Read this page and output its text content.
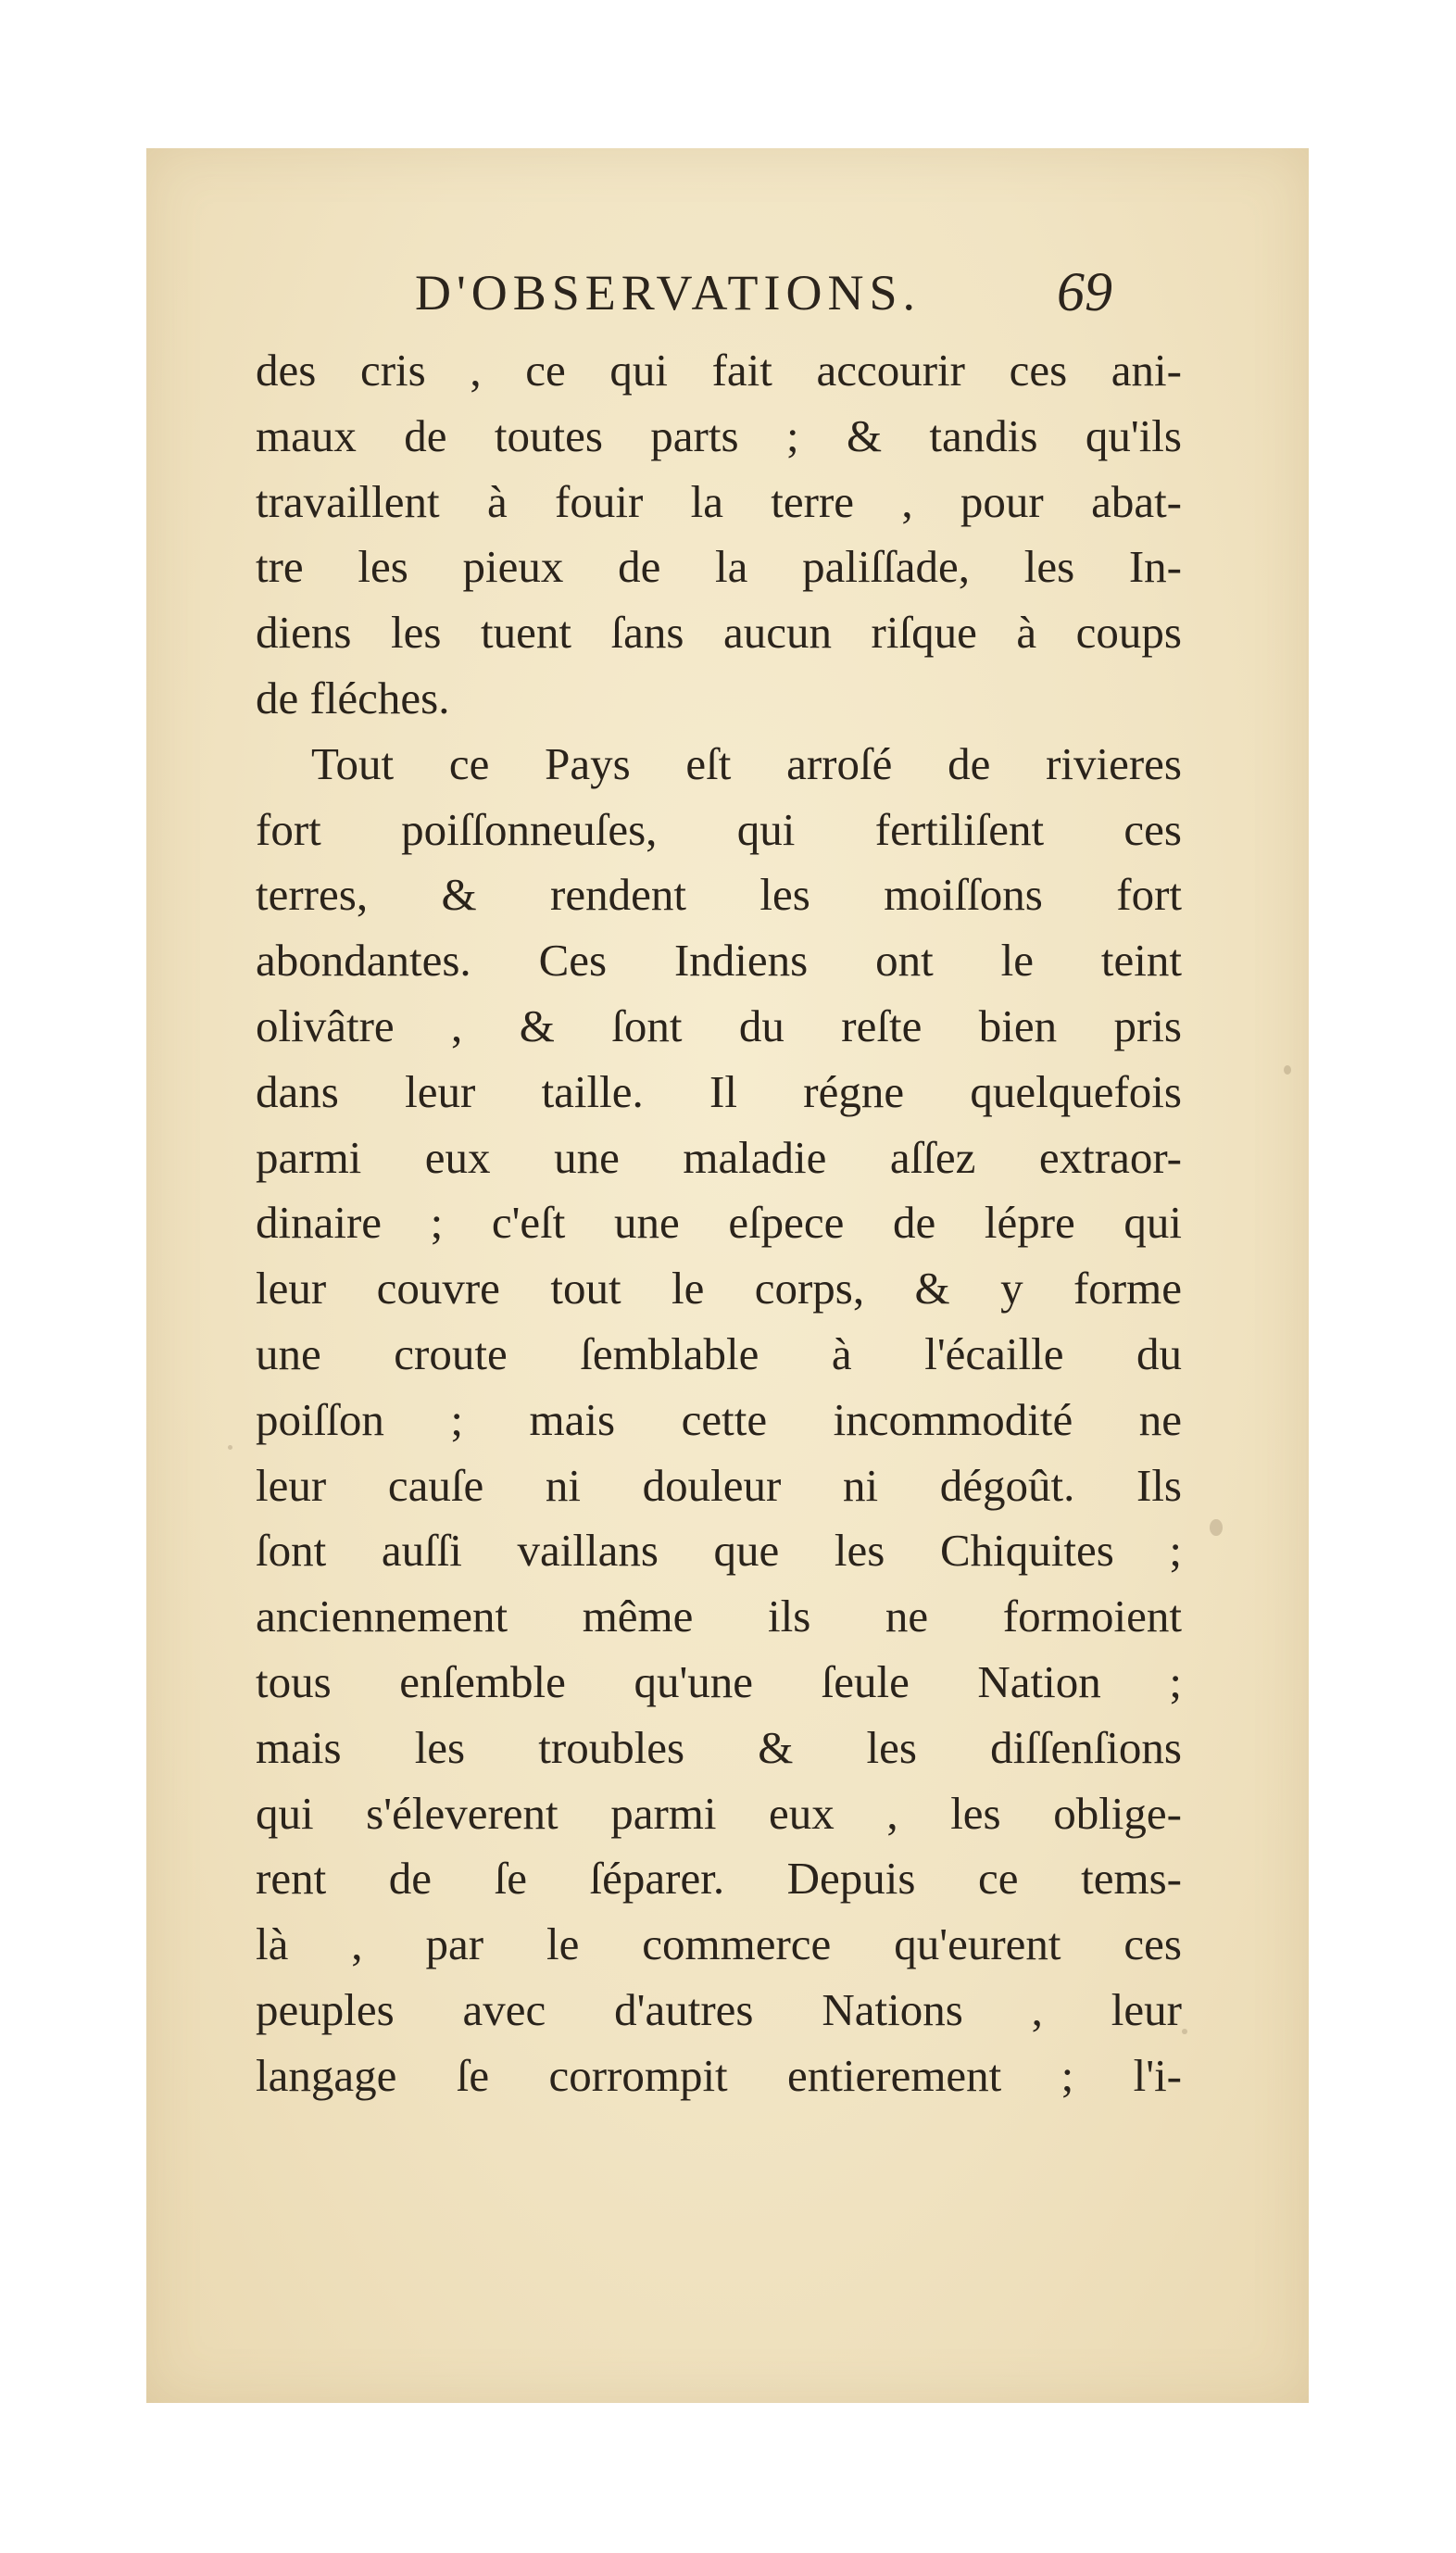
D'OBSERVATIONS. 69
des cris , ce qui fait accourir ces ani-
maux de toutes parts ; & tandis qu'ils
travaillent à fouir la terre , pour abat-
tre les pieux de la paliſſade, les In-
diens les tuent ſans aucun riſque à coups
de fléches.
Tout ce Pays eſt arroſé de rivieres
fort poiſſonneuſes, qui fertiliſent ces
terres, & rendent les moiſſons fort
abondantes. Ces Indiens ont le teint
olivâtre , & ſont du reſte bien pris
dans leur taille. Il régne quelquefois
parmi eux une maladie aſſez extraor-
dinaire ; c'eſt une eſpece de lépre qui
leur couvre tout le corps, & y forme
une croute ſemblable à l'écaille du
poiſſon ; mais cette incommodité ne
leur cauſe ni douleur ni dégoût. Ils
ſont auſſi vaillans que les Chiquites ;
anciennement même ils ne formoient
tous enſemble qu'une ſeule Nation ;
mais les troubles & les diſſenſions
qui s'éleverent parmi eux , les oblige-
rent de ſe ſéparer. Depuis ce tems-
là , par le commerce qu'eurent ces
peuples avec d'autres Nations , leur
langage ſe corrompit entierement ; l'i-
